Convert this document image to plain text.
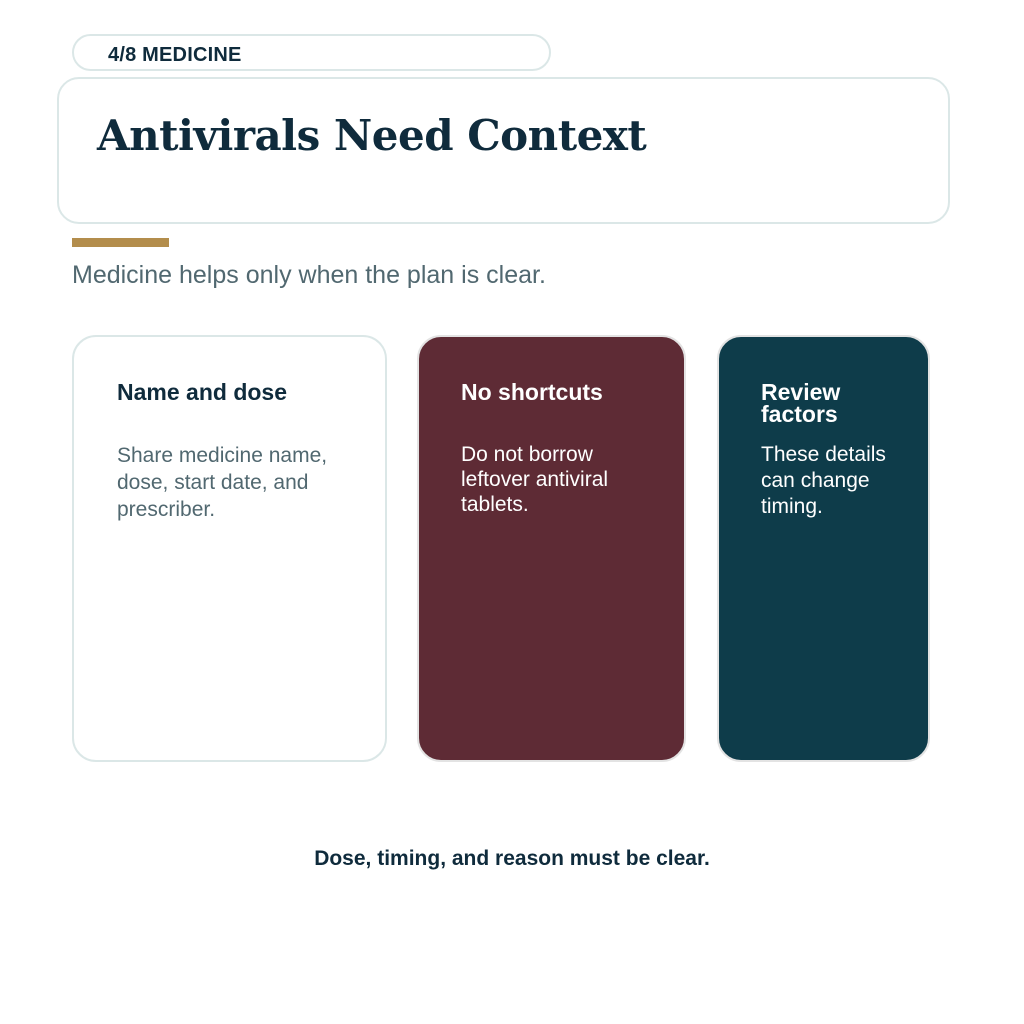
4/8 MEDICINE
Antivirals Need Context
Medicine helps only when the plan is clear.
Name and dose

Share medicine name, dose, start date, and prescriber.

No shortcuts

Do not borrow leftover antiviral tablets.

Review factors

These details can change timing.

Dose, timing, and reason must be clear.
